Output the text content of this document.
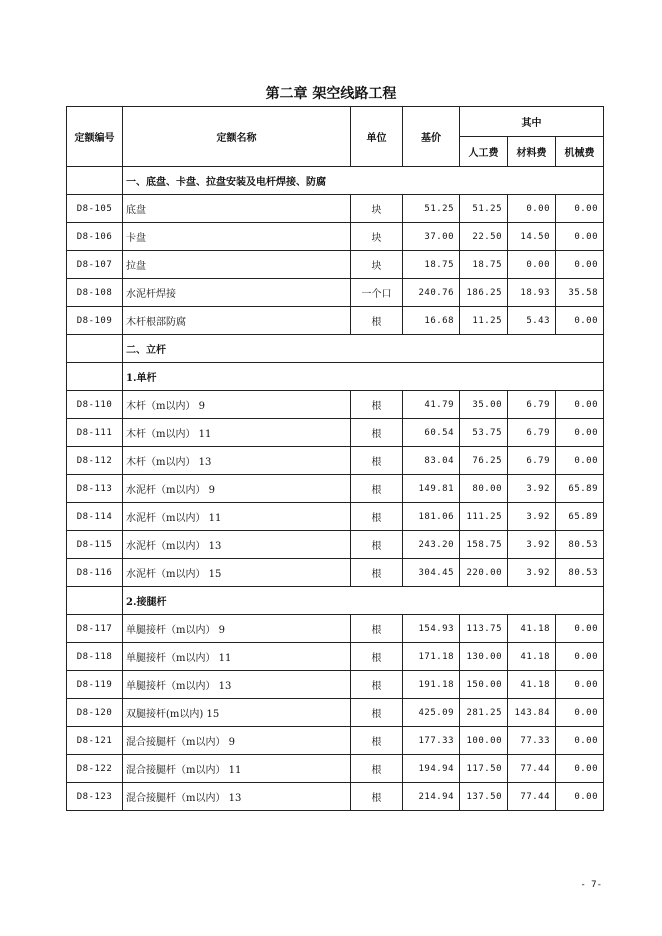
第二章 架空线路工程
定额编号	定额名称	单位	基价	其中		
				人工费	材料费	机械费
	一、底盘、卡盘、拉盘安装及电杆焊接、防腐					
D8-105	底盘	块	51.25	51.25	0.00	0.00
D8-106	卡盘	块	37.00	22.50	14.50	0.00
D8-107	拉盘	块	18.75	18.75	0.00	0.00
D8-108	水泥杆焊接	一个口	240.76	186.25	18.93	35.58
D8-109	木杆根部防腐	根	16.68	11.25	5.43	0.00
	二、立杆					
	1.单杆					
D8-110	木杆（m以内） 9	根	41.79	35.00	6.79	0.00
D8-111	木杆（m以内） 11	根	60.54	53.75	6.79	0.00
D8-112	木杆（m以内） 13	根	83.04	76.25	6.79	0.00
D8-113	水泥杆（m以内） 9	根	149.81	80.00	3.92	65.89
D8-114	水泥杆（m以内） 11	根	181.06	111.25	3.92	65.89
D8-115	水泥杆（m以内） 13	根	243.20	158.75	3.92	80.53
D8-116	水泥杆（m以内） 15	根	304.45	220.00	3.92	80.53
	2.接腿杆					
D8-117	单腿接杆（m以内） 9	根	154.93	113.75	41.18	0.00
D8-118	单腿接杆（m以内） 11	根	171.18	130.00	41.18	0.00
D8-119	单腿接杆（m以内） 13	根	191.18	150.00	41.18	0.00
D8-120	双腿接杆(m以内) 15	根	425.09	281.25	143.84	0.00
D8-121	混合接腿杆（m以内） 9	根	177.33	100.00	77.33	0.00
D8-122	混合接腿杆（m以内） 11	根	194.94	117.50	77.44	0.00
D8-123	混合接腿杆（m以内） 13	根	214.94	137.50	77.44	0.00
- 7-
